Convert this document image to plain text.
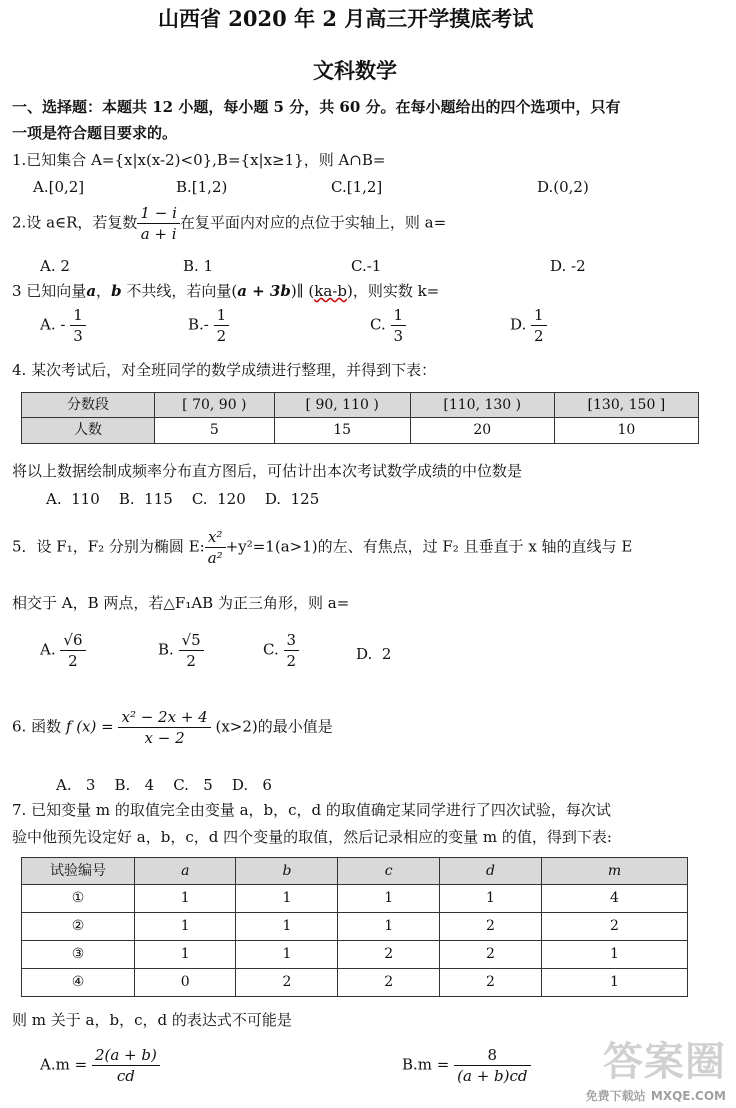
山西省 2020 年 2 月高三开学摸底考试
文科数学
一、选择题：本题共 12 小题，每小题 5 分，共 60 分。在每小题给出的四个选项中，只有
一项是符合题目要求的。
1.已知集合 A={x|x(x-2)<0},B={x|x≥1}，则 A∩B=
A.[0,2]	B.[1,2)	C.[1,2]	D.(0,2)
2.设 a∈R，若复数 $\frac{1 - i}{a + i}$ 在复平面内对应的点位于实轴上，则 a=
A. 2	B. 1	C.-1	D. -2
3 已知向量a，b 不共线，若向量(a + 3b)∥ (ka-b)，则实数 k=
A. - $\frac{1}{3}$	$B.- \frac{1}{2}$	C. $\frac{1}{3}$	D. $\frac{1}{2}$
4. 某次考试后，对全班同学的数学成绩进行整理，并得到下表：
分数段	[ 70, 90 )	[ 90, 110 )	[110, 130 )	[130, 150 ]
人数	5	15	20	10
将以上数据绘制成频率分布直方图后，可估计出本次考试数学成绩的中位数是
A.  110    B.  115    C.  120    D.  125
5．设 F₁，F₂ 分别为椭圆 E: $\frac{\text{x²}}{\text{a²}} +y^2=1(a>1)$的左、有焦点，过 F₂ 且垂直于 x 轴的直线与 E
相交于 A，B 两点，若△F₁AB 为正三角形，则 a=
A. $\frac{√6}{2}$	B. $\frac{√5}{2}$	C. $\frac{3}{2}$	D. 2
6. 函数 f $(x) = \frac{\text{x² − 2x + 4}}{x - 2} (x>2)$的最小值是
A.   3    B.   4    C.   5    D.   6
7. 已知变量 m 的取值完全由变量 a，b，c，d 的取值确定某同学进行了四次试验，每次试
验中他预先设定好 a，b，c，d 四个变量的取值，然后记录相应的变量 m 的值，得到下表:
试验编号	a	b	c	d	m
①	1	1	1	1	4
②	1	1	1	2	2
③	1	1	2	2	1
④	0	2	2	2	1
则 m 关于 a，b，c，d 的表达式不可能是
$A.m = \frac{2(a + b)}{cd}$	$B.m = \frac{8}{(a + b)cd}$	答案圈
免费下载站 MXQE.COM
